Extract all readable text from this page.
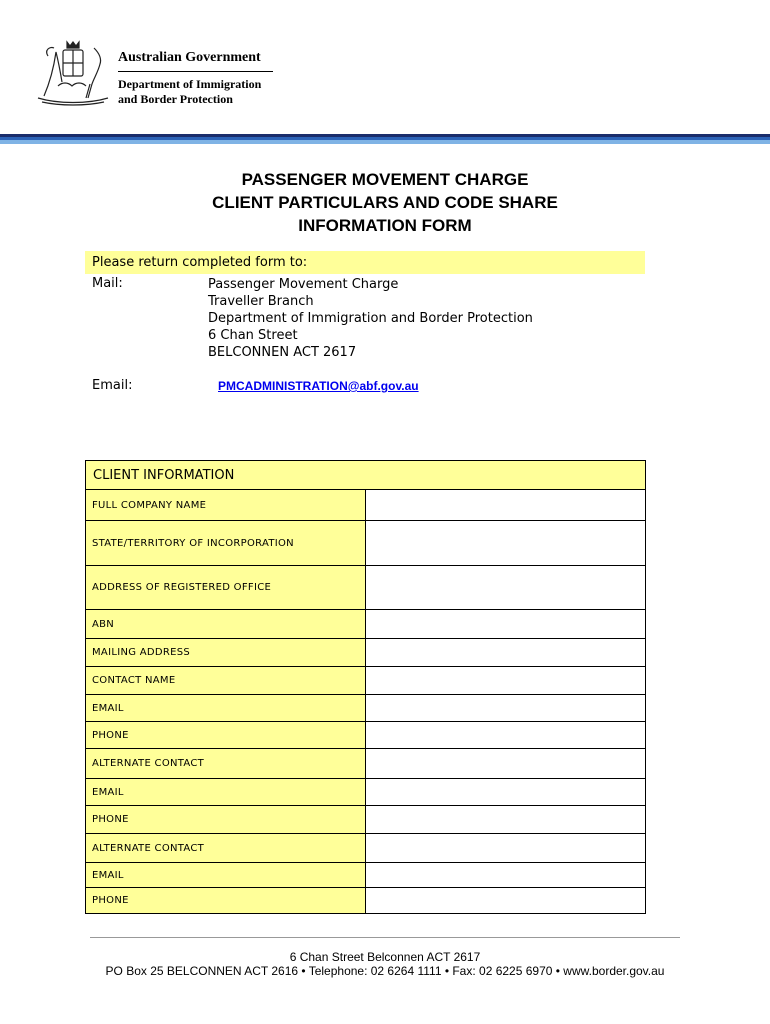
Australian Government
Department of Immigration
and Border Protection
PASSENGER MOVEMENT CHARGE
CLIENT PARTICULARS AND CODE SHARE
INFORMATION FORM
Please return completed form to:
Mail:	Passenger Movement Charge
Traveller Branch
Department of Immigration and Border Protection
6 Chan Street
BELCONNEN ACT 2617
Email:	PMCADMINISTRATION@abf.gov.au
CLIENT INFORMATION	
FULL COMPANY NAME	
STATE/TERRITORY OF INCORPORATION	
ADDRESS OF REGISTERED OFFICE	
ABN	
MAILING ADDRESS	
CONTACT NAME	
EMAIL	
PHONE	
ALTERNATE CONTACT	
EMAIL	
PHONE	
ALTERNATE CONTACT	
EMAIL	
PHONE	
6 Chan Street Belconnen ACT 2617
PO Box 25 BELCONNEN ACT 2616 • Telephone: 02 6264 1111 • Fax: 02 6225 6970 • www.border.gov.au
